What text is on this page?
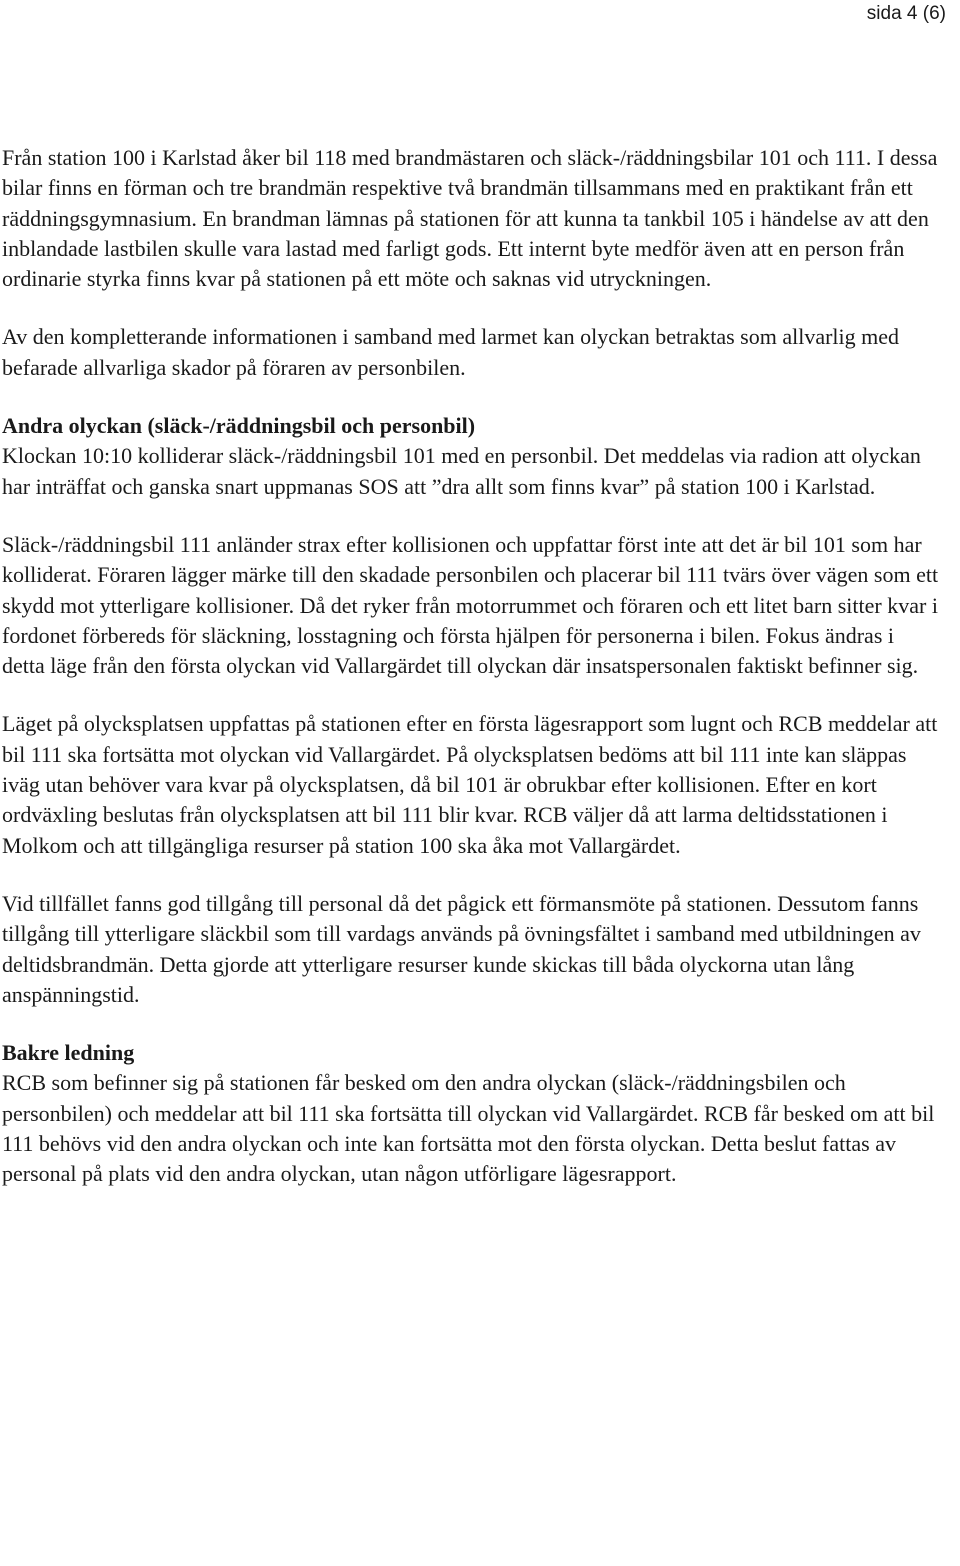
sida 4 (6)

Från station 100 i Karlstad åker bil 118 med brandmästaren och släck-/räddningsbilar 101 och 111. I dessa bilar finns en förman och tre brandmän respektive två brandmän tillsammans med en praktikant från ett räddningsgymnasium. En brandman lämnas på stationen för att kunna ta tankbil 105 i händelse av att den inblandade lastbilen skulle vara lastad med farligt gods. Ett internt byte medför även att en person från ordinarie styrka finns kvar på stationen på ett möte och saknas vid utryckningen.

Av den kompletterande informationen i samband med larmet kan olyckan betraktas som allvarlig med befarade allvarliga skador på föraren av personbilen.

Andra olyckan (släck-/räddningsbil och personbil)
Klockan 10:10 kolliderar släck-/räddningsbil 101 med en personbil. Det meddelas via radion att olyckan har inträffat och ganska snart uppmanas SOS att ”dra allt som finns kvar” på station 100 i Karlstad.

Släck-/räddningsbil 111 anländer strax efter kollisionen och uppfattar först inte att det är bil 101 som har kolliderat. Föraren lägger märke till den skadade personbilen och placerar bil 111 tvärs över vägen som ett skydd mot ytterligare kollisioner. Då det ryker från motorrummet och föraren och ett litet barn sitter kvar i fordonet förbereds för släckning, losstagning och första hjälpen för personerna i bilen. Fokus ändras i detta läge från den första olyckan vid Vallargärdet till olyckan där insatspersonalen faktiskt befinner sig.

Läget på olycksplatsen uppfattas på stationen efter en första lägesrapport som lugnt och RCB meddelar att bil 111 ska fortsätta mot olyckan vid Vallargärdet. På olycksplatsen bedöms att bil 111 inte kan släppas iväg utan behöver vara kvar på olycksplatsen, då bil 101 är obrukbar efter kollisionen. Efter en kort ordväxling beslutas från olycksplatsen att bil 111 blir kvar. RCB väljer då att larma deltidsstationen i Molkom och att tillgängliga resurser på station 100 ska åka mot Vallargärdet.

Vid tillfället fanns god tillgång till personal då det pågick ett förmansmöte på stationen. Dessutom fanns tillgång till ytterligare släckbil som till vardags används på övningsfältet i samband med utbildningen av deltidsbrandmän. Detta gjorde att ytterligare resurser kunde skickas till båda olyckorna utan lång anspänningstid.

Bakre ledning
RCB som befinner sig på stationen får besked om den andra olyckan (släck-/räddningsbilen och personbilen) och meddelar att bil 111 ska fortsätta till olyckan vid Vallargärdet. RCB får besked om att bil 111 behövs vid den andra olyckan och inte kan fortsätta mot den första olyckan. Detta beslut fattas av personal på plats vid den andra olyckan, utan någon utförligare lägesrapport.
